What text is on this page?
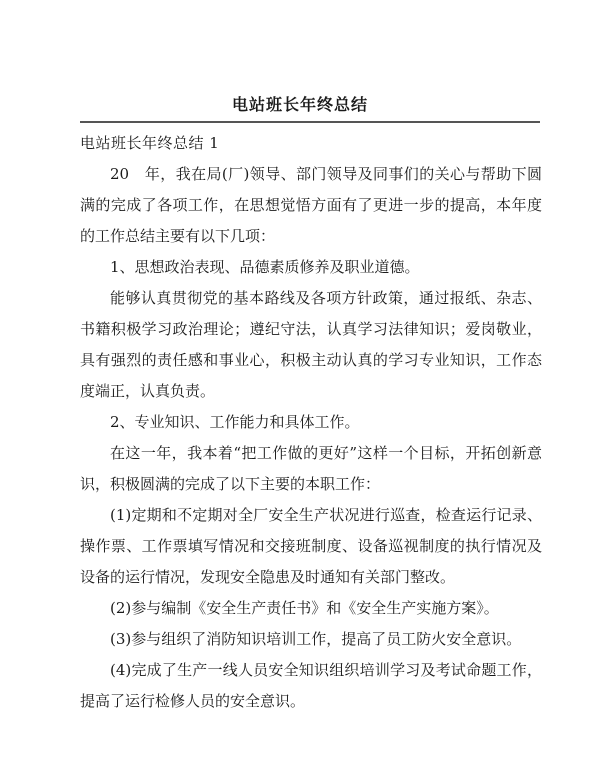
电站班长年终总结

电站班长年终总结 1

20　年，我在局(厂)领导、部门领导及同事们的关心与帮助下圆满的完成了各项工作，在思想觉悟方面有了更进一步的提高，本年度的工作总结主要有以下几项：

1、思想政治表现、品德素质修养及职业道德。

能够认真贯彻党的基本路线及各项方针政策，通过报纸、杂志、书籍积极学习政治理论；遵纪守法，认真学习法律知识；爱岗敬业，具有强烈的责任感和事业心，积极主动认真的学习专业知识，工作态度端正，认真负责。

2、专业知识、工作能力和具体工作。

在这一年，我本着“把工作做的更好”这样一个目标，开拓创新意识，积极圆满的完成了以下主要的本职工作：

(1)定期和不定期对全厂安全生产状况进行巡查，检查运行记录、操作票、工作票填写情况和交接班制度、设备巡视制度的执行情况及设备的运行情况，发现安全隐患及时通知有关部门整改。

(2)参与编制《安全生产责任书》和《安全生产实施方案》。

(3)参与组织了消防知识培训工作，提高了员工防火安全意识。

(4)完成了生产一线人员安全知识组织培训学习及考试命题工作，提高了运行检修人员的安全意识。
